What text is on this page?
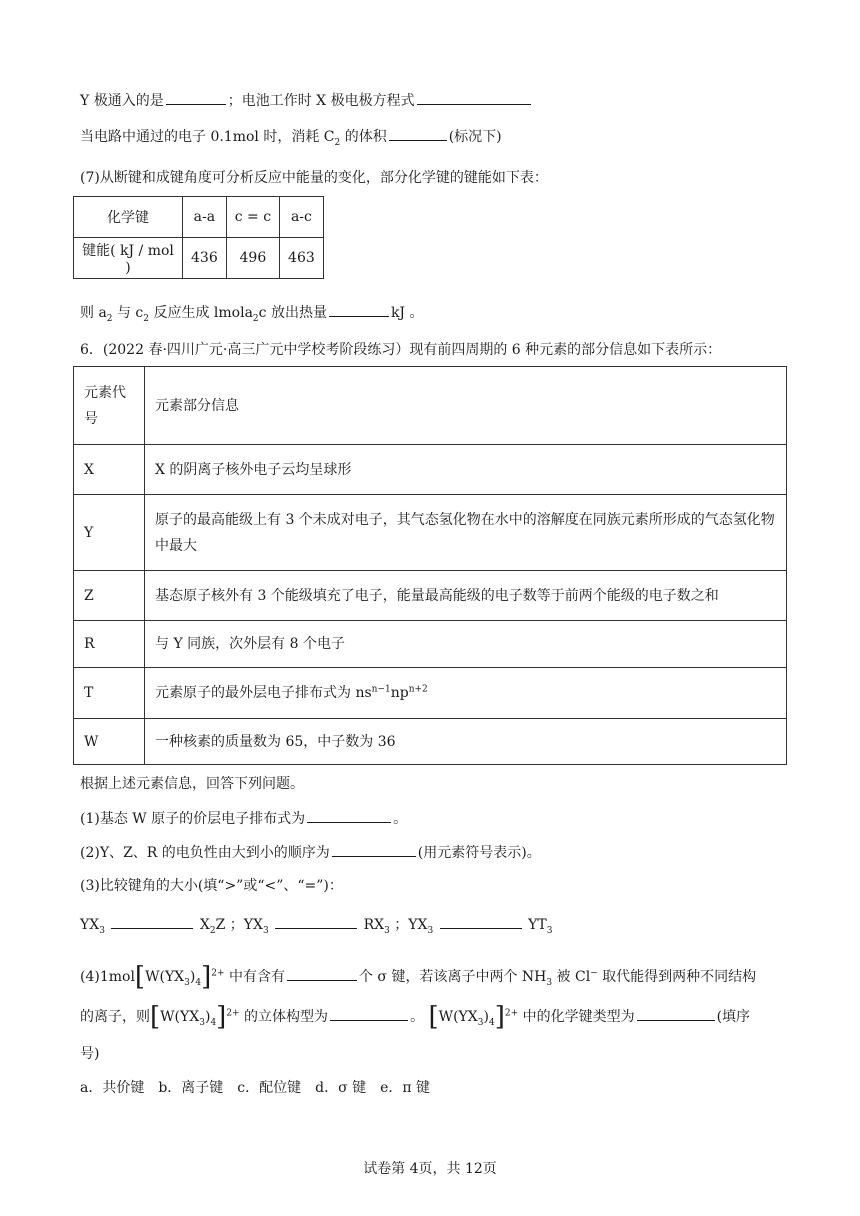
Y 极通入的是	；电池工作时 X 极电极方程式
当电路中通过的电子 0.1mol 时，消耗 $C_2$ 的体积	(标况下)
(7)从断键和成键角度可分析反应中能量的变化，部分化学键的键能如下表：
化学键	a-a	c = c	a-c
键能( kJ / mol )	436	496	463
则 $a_2$ 与 $c_2$ 反应生成 lmola$_2$c 放出热量	kJ 。
6．(2022 春·四川广元·高三广元中学校考阶段练习）现有前四周期的 6 种元素的部分信息如下表所示：
元素代
号	元素部分信息
X	X 的阴离子核外电子云均呈球形
Y	原子的最高能级上有 3 个未成对电子，其气态氢化物在水中的溶解度在同族元素所形成的气态氢化物中最大
Z	基态原子核外有 3 个能级填充了电子，能量最高能级的电子数等于前两个能级的电子数之和
R	与 Y 同族，次外层有 8 个电子
T	元素原子的最外层电子排布式为 $ns^{n-1}np^{n+2}$
W	一种核素的质量数为 65，中子数为 36
根据上述元素信息，回答下列问题。
(1)基态 W 原子的价层电子排布式为	。
(2)Y、Z、R 的电负性由大到小的顺序为	(用元素符号表示)。
(3)比较键角的大小(填“>”或“<”、“=”)：
$YX_3$	$X_2Z$ ；$YX_3$	$RX_3$ ；$YX_3$	$YT_3$
$(4)1mol[W(YX_3)_4]^{2+}$ 中有含有	个 σ 键，若该离子中两个 $NH_3$ 被 Cl− 取代能得到两种不同结构
的离子，则$[W(YX_3)_4]^{2+}$ 的立体构型为	。 $[W(YX_3)_4]^{2+}$ 中的化学键类型为	(填序
号)
a．共价键　b．离子键　c．配位键　d．σ 键　e．π 键
试卷第 4页，共 12页
